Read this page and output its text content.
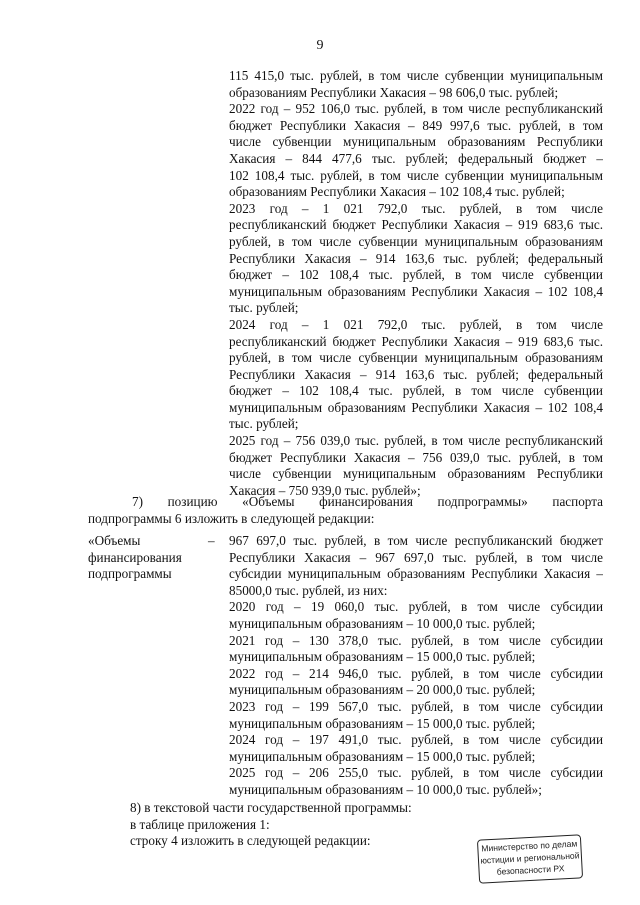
9
115 415,0 тыс. рублей, в том числе субвенции муниципальным
образованиям Республики Хакасия – 98 606,0 тыс. рублей;
2022 год – 952 106,0 тыс. рублей, в том числе республиканский
бюджет Республики Хакасия – 849 997,6 тыс. рублей, в том
числе субвенции муниципальным образованиям Республики
Хакасия – 844 477,6 тыс. рублей; федеральный бюджет –
102 108,4 тыс. рублей, в том числе субвенции муниципальным
образованиям Республики Хакасия – 102 108,4 тыс. рублей;
2023 год – 1 021 792,0 тыс. рублей, в том числе
республиканский бюджет Республики Хакасия – 919 683,6 тыс.
рублей, в том числе субвенции муниципальным образованиям
Республики Хакасия – 914 163,6 тыс. рублей; федеральный
бюджет – 102 108,4 тыс. рублей, в том числе субвенции
муниципальным образованиям Республики Хакасия – 102 108,4
тыс. рублей;
2024 год – 1 021 792,0 тыс. рублей, в том числе
республиканский бюджет Республики Хакасия – 919 683,6 тыс.
рублей, в том числе субвенции муниципальным образованиям
Республики Хакасия – 914 163,6 тыс. рублей; федеральный
бюджет – 102 108,4 тыс. рублей, в том числе субвенции
муниципальным образованиям Республики Хакасия – 102 108,4
тыс. рублей;
2025 год – 756 039,0 тыс. рублей, в том числе республиканский
бюджет Республики Хакасия – 756 039,0 тыс. рублей, в том
числе субвенции муниципальным образованиям Республики
Хакасия – 750 939,0 тыс. рублей»;
7) позицию «Объемы финансирования подпрограммы» паспорта
подпрограммы 6 изложить в следующей редакции:
«Объемы
финансирования
подпрограммы
– 967 697,0 тыс. рублей, в том числе республиканский бюджет
Республики Хакасия – 967 697,0 тыс. рублей, в том числе
субсидии муниципальным образованиям Республики Хакасия –
85000,0 тыс. рублей, из них:
2020 год – 19 060,0 тыс. рублей, в том числе субсидии
муниципальным образованиям – 10 000,0 тыс. рублей;
2021 год – 130 378,0 тыс. рублей, в том числе субсидии
муниципальным образованиям – 15 000,0 тыс. рублей;
2022 год – 214 946,0 тыс. рублей, в том числе субсидии
муниципальным образованиям – 20 000,0 тыс. рублей;
2023 год – 199 567,0 тыс. рублей, в том числе субсидии
муниципальным образованиям – 15 000,0 тыс. рублей;
2024 год – 197 491,0 тыс. рублей, в том числе субсидии
муниципальным образованиям – 15 000,0 тыс. рублей;
2025 год – 206 255,0 тыс. рублей, в том числе субсидии
муниципальным образованиям – 10 000,0 тыс. рублей»;
8) в текстовой части государственной программы:
в таблице приложения 1:
строку 4 изложить в следующей редакции:	Министерство по делам
юстиции и региональной
безопасности РХ
